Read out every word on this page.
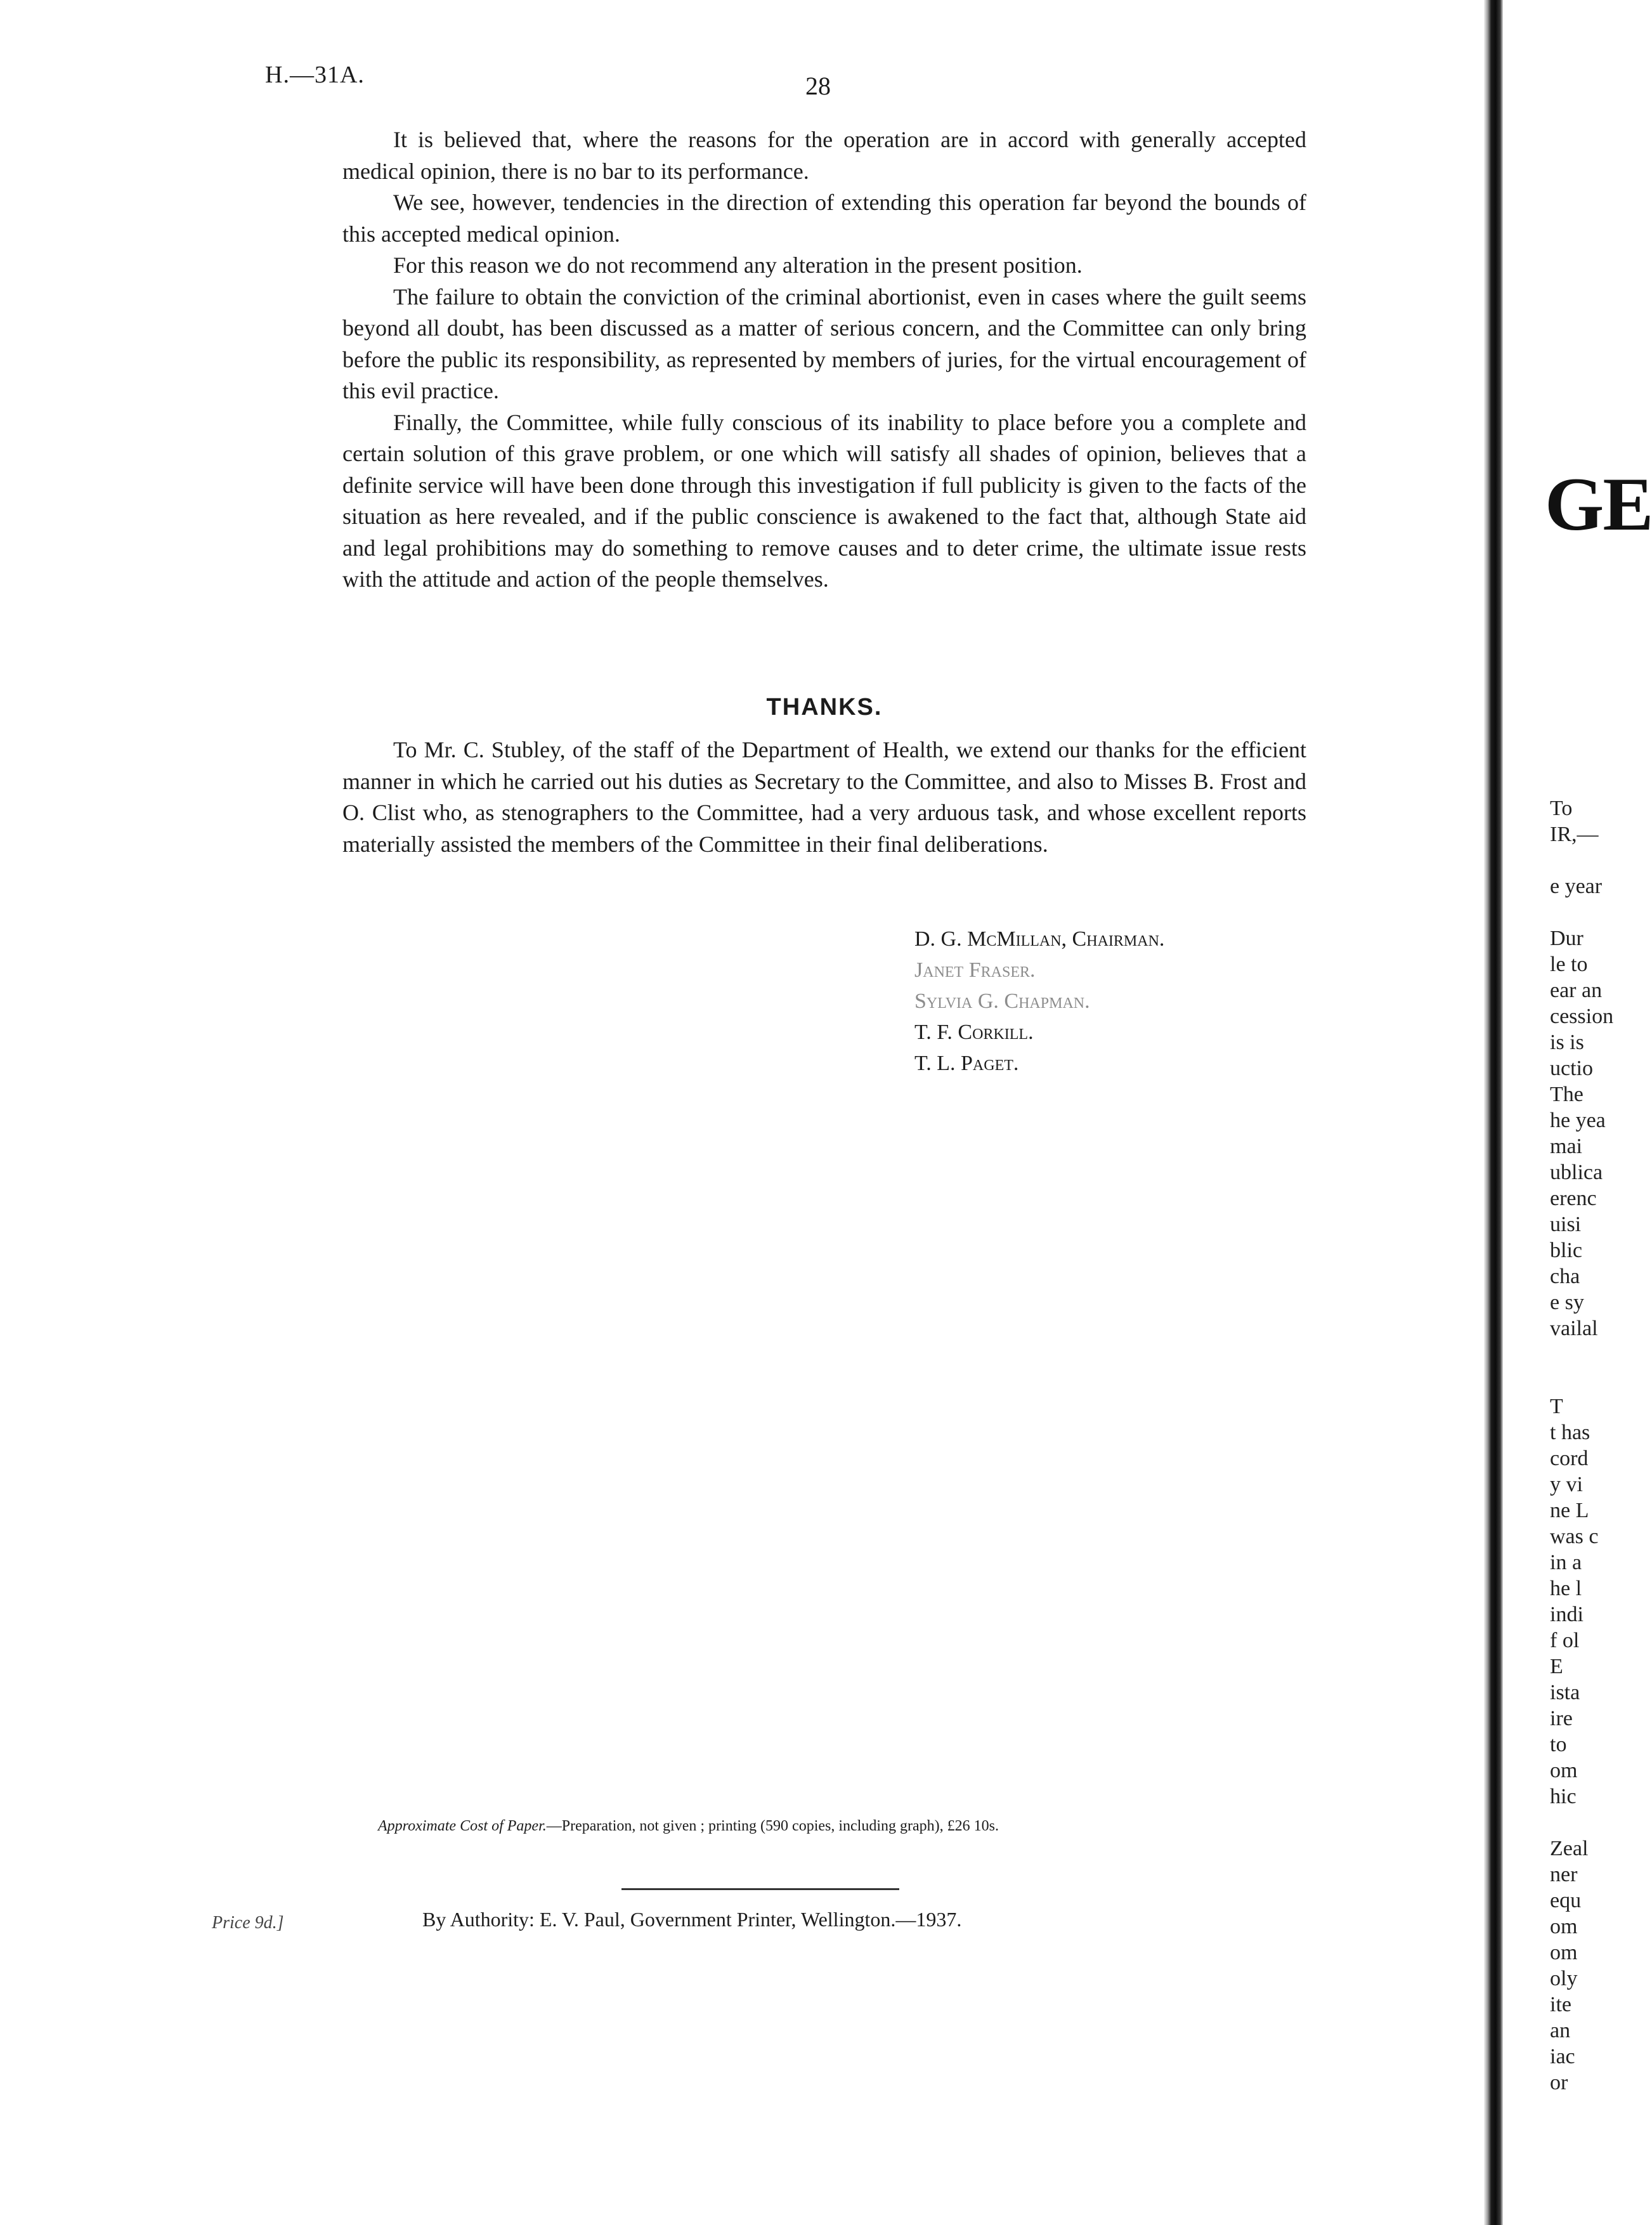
H.—31A.	28

It is believed that, where the reasons for the operation are in accord with generally accepted medical opinion, there is no bar to its performance.

We see, however, tendencies in the direction of extending this operation far beyond the bounds of this accepted medical opinion.

For this reason we do not recommend any alteration in the present position.

The failure to obtain the conviction of the criminal abortionist, even in cases where the guilt seems beyond all doubt, has been discussed as a matter of serious concern, and the Committee can only bring before the public its responsibility, as represented by members of juries, for the virtual encouragement of this evil practice.

Finally, the Committee, while fully conscious of its inability to place before you a complete and certain solution of this grave problem, or one which will satisfy all shades of opinion, believes that a definite service will have been done through this investigation if full publicity is given to the facts of the situation as here revealed, and if the public conscience is awakened to the fact that, although State aid and legal prohibitions may do something to remove causes and to deter crime, the ultimate issue rests with the attitude and action of the people themselves.

THANKS.

To Mr. C. Stubley, of the staff of the Department of Health, we extend our thanks for the efficient manner in which he carried out his duties as Secretary to the Committee, and also to Misses B. Frost and O. Clist who, as stenographers to the Committee, had a very arduous task, and whose excellent reports materially assisted the members of the Committee in their final deliberations.

D. G. McMillan, Chairman.
Janet Fraser.
Sylvia G. Chapman.
T. F. Corkill.
T. L. Paget.
Approximate Cost of Paper.—Preparation, not given ; printing (590 copies, including graph), £26 10s.
Price 9d.]	By Authority: E. V. Paul, Government Printer, Wellington.—1937.
GE
To
IR,—
e year
Dur
le to
ear an
cession
is is
uctio
The
he yea
mai
ublica
erenc
uisi
blic
cha
e sy
vailal
T
t has
cord
y vi
ne L
was c
in a
he l
indi
f ol
E
ista
ire
to
om
hic
Zeal
ner
equ
om
om
oly
ite
an
iac
or
